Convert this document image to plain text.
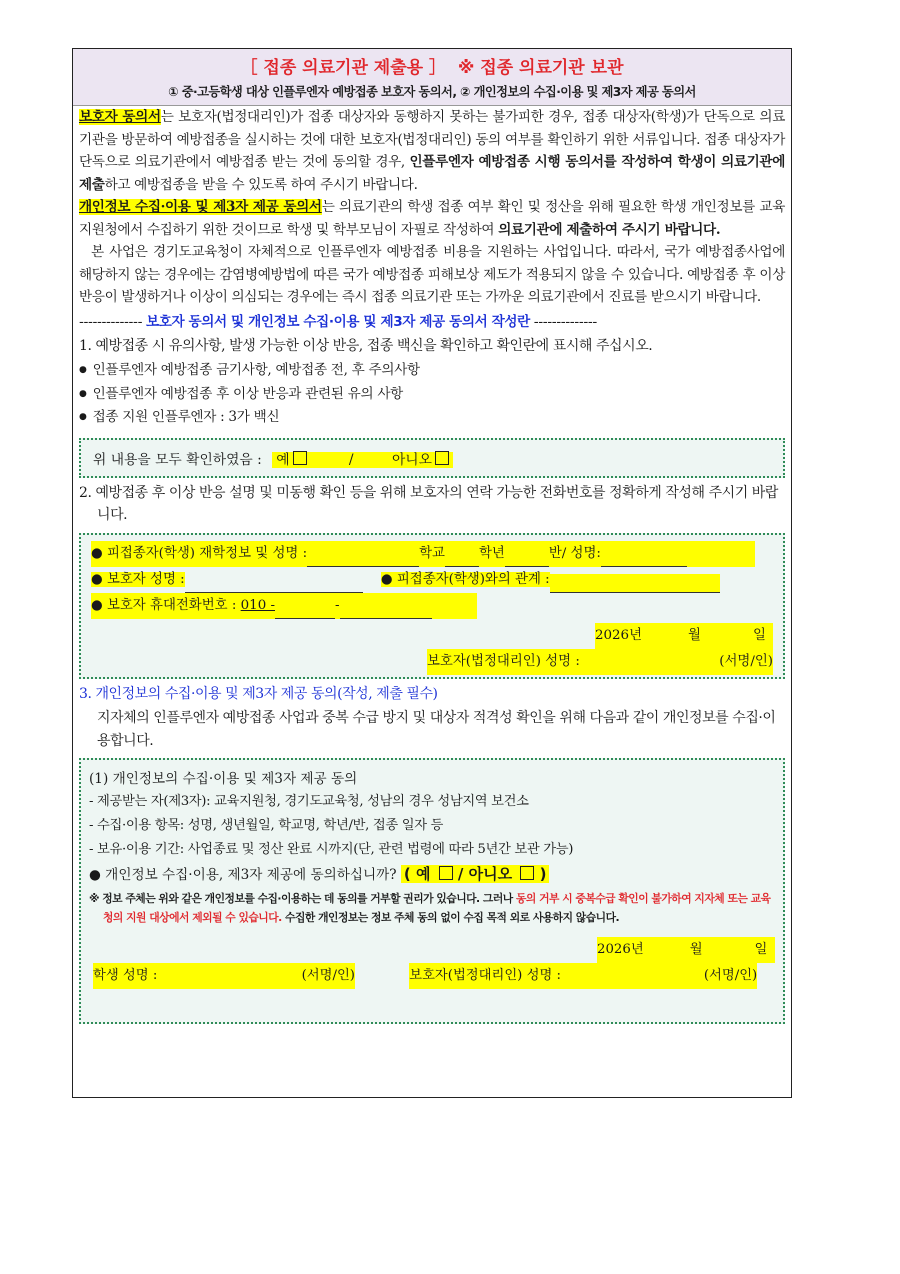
［ 접종 의료기관 제출용 ］ ※ 접종 의료기관 보관
① 중·고등학생 대상 인플루엔자 예방접종 보호자 동의서, ② 개인정보의 수집·이용 및 제3자 제공 동의서

보호자 동의서는 보호자(법정대리인)가 접종 대상자와 동행하지 못하는 불가피한 경우, 접종 대상자(학생)가 단독으로 의료기관을 방문하여 예방접종을 실시하는 것에 대한 보호자(법정대리인) 동의 여부를 확인하기 위한 서류입니다. 접종 대상자가 단독으로 의료기관에서 예방접종 받는 것에 동의할 경우, 인플루엔자 예방접종 시행 동의서를 작성하여 학생이 의료기관에 제출하고 예방접종을 받을 수 있도록 하여 주시기 바랍니다.

개인정보 수집·이용 및 제3자 제공 동의서는 의료기관의 학생 접종 여부 확인 및 정산을 위해 필요한 학생 개인정보를 교육지원청에서 수집하기 위한 것이므로 학생 및 학부모님이 자필로 작성하여 의료기관에 제출하여 주시기 바랍니다.

본 사업은 경기도교육청이 자체적으로 인플루엔자 예방접종 비용을 지원하는 사업입니다. 따라서, 국가 예방접종사업에 해당하지 않는 경우에는 감염병예방법에 따른 국가 예방접종 피해보상 제도가 적용되지 않을 수 있습니다. 예방접종 후 이상반응이 발생하거나 이상이 의심되는 경우에는 즉시 접종 의료기관 또는 가까운 의료기관에서 진료를 받으시기 바랍니다.

-------------- 보호자 동의서 및 개인정보 수집·이용 및 제3자 제공 동의서 작성란 --------------
1. 예방접종 시 유의사항, 발생 가능한 이상 반응, 접종 백신을 확인하고 확인란에 표시해 주십시오.
● 인플루엔자 예방접종 금기사항, 예방접종 전, 후 주의사항
● 인플루엔자 예방접종 후 이상 반응과 관련된 유의 사항
● 접종 지원 인플루엔자 : 3가 백신
위 내용을 모두 확인하였음 : 예	/	아니오
2. 예방접종 후 이상 반응 설명 및 미동행 확인 등을 위해 보호자의 연락 가능한 전화번호를 정확하게 작성해 주시기 바랍니다.
● 피접종자(학생) 재학정보 및 성명 :	학교	학년	반/ 성명:
● 보호자 성명 :	● 피접종자(학생)와의 관계 :
● 보호자 휴대전화번호 : 010 -	-
2026년	월	일
보호자(법정대리인) 성명 :	(서명/인)
3. 개인정보의 수집·이용 및 제3자 제공 동의(작성, 제출 필수)
지자체의 인플루엔자 예방접종 사업과 중복 수급 방지 및 대상자 적격성 확인을 위해 다음과 같이 개인정보를 수집·이용합니다.
(1) 개인정보의 수집·이용 및 제3자 제공 동의
- 제공받는 자(제3자): 교육지원청, 경기도교육청, 성남의 경우 성남지역 보건소
- 수집·이용 항목: 성명, 생년월일, 학교명, 학년/반, 접종 일자 등
- 보유·이용 기간: 사업종료 및 정산 완료 시까지(단, 관련 법령에 따라 5년간 보관 가능)
● 개인정보 수집·이용, 제3자 제공에 동의하십니까? ( 예 / 아니오 )
※ 정보 주체는 위와 같은 개인정보를 수집·이용하는 데 동의를 거부할 권리가 있습니다. 그러나 동의 거부 시 중복수급 확인이 불가하여 지자체 또는 교육청의 지원 대상에서 제외될 수 있습니다. 수집한 개인정보는 정보 주체 동의 없이 수집 목적 외로 사용하지 않습니다.
2026년	월	일
학생 성명 :	(서명/인)	보호자(법정대리인) 성명 :	(서명/인)
